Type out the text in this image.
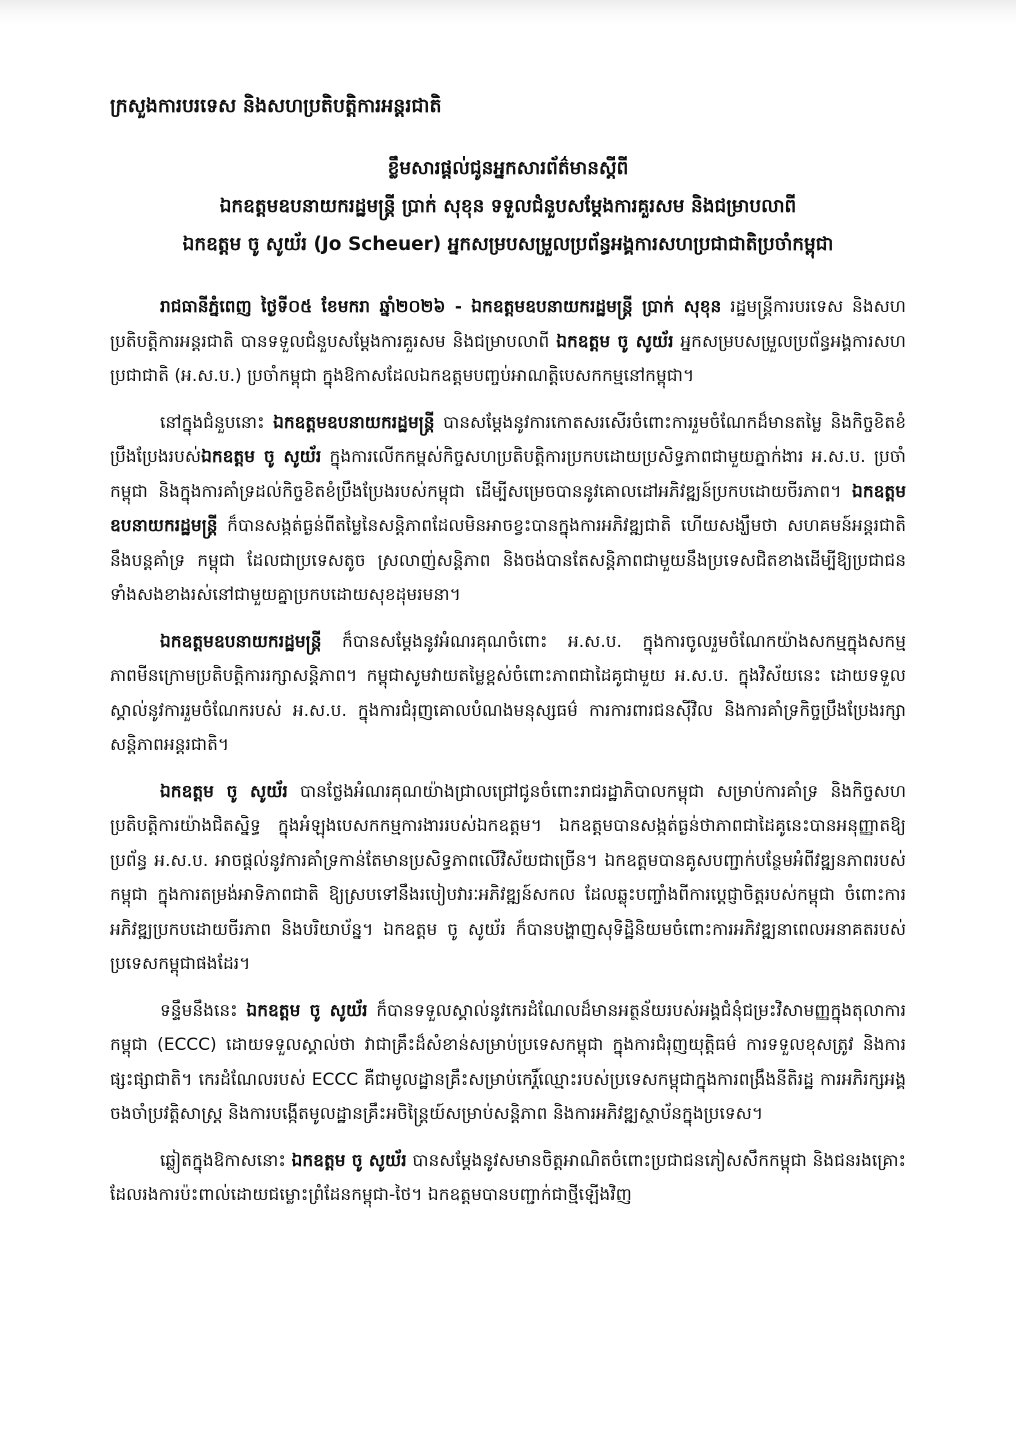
ក្រសួងការបរទេស និងសហប្រតិបត្តិការអន្តរជាតិ
ខ្លឹមសារផ្តល់ជូនអ្នកសារព័ត៌មានស្តីពី
ឯកឧត្តមឧបនាយករដ្ឋមន្ត្រី ប្រាក់ សុខុន ទទួលជំនួបសម្តែងការគួរសម និងជម្រាបលាពី
ឯកឧត្តម ចូ សូយ័រ (Jo Scheuer) អ្នកសម្របសម្រួលប្រព័ន្ធអង្គការសហប្រជាជាតិប្រចាំកម្ពុជា

រាជធានីភ្នំពេញ ថ្ងៃទី០៥ ខែមករា ឆ្នាំ២០២៦ - ឯកឧត្តមឧបនាយករដ្ឋមន្ត្រី ប្រាក់ សុខុន រដ្ឋមន្ត្រីការបរទេស និងសហប្រតិបត្តិការអន្តរជាតិ បានទទួលជំនួបសម្តែងការគួរសម និងជម្រាបលាពី ឯកឧត្តម ចូ សូយ័រ អ្នកសម្របសម្រួលប្រព័ន្ធអង្គការសហប្រជាជាតិ (អ.ស.ប.) ប្រចាំកម្ពុជា ក្នុងឱកាសដែលឯកឧត្តមបញ្ចប់អាណត្តិបេសកកម្មនៅកម្ពុជា។

នៅក្នុងជំនួបនោះ ឯកឧត្តមឧបនាយករដ្ឋមន្ត្រី បានសម្តែងនូវការកោតសរសើរចំពោះការរួមចំណែកដ៏មានតម្លៃ និងកិច្ចខិតខំប្រឹងប្រែងរបស់ឯកឧត្តម ចូ សូយ័រ ក្នុងការលើកកម្ពស់កិច្ចសហប្រតិបត្តិការប្រកបដោយប្រសិទ្ធភាពជាមួយភ្នាក់ងារ អ.ស.ប. ប្រចាំកម្ពុជា និងក្នុងការគាំទ្រដល់កិច្ចខិតខំប្រឹងប្រែងរបស់កម្ពុជា ដើម្បីសម្រេចបាននូវគោលដៅអភិវឌ្ឍន៍ប្រកបដោយចីរភាព។ ឯកឧត្តមឧបនាយករដ្ឋមន្ត្រី ក៏បានសង្កត់ធ្ងន់ពីតម្លៃនៃសន្តិភាពដែលមិនអាចខ្វះបានក្នុងការអភិវឌ្ឍជាតិ ហើយសង្ឃឹមថា សហគមន៍អន្តរជាតិនឹងបន្តគាំទ្រ កម្ពុជា ដែលជាប្រទេសតូច ស្រលាញ់សន្តិភាព និងចង់បានតែសន្តិភាពជាមួយនឹងប្រទេសជិតខាងដើម្បីឱ្យប្រជាជនទាំងសងខាងរស់នៅជាមួយគ្នាប្រកបដោយសុខដុមរមនា។

ឯកឧត្តមឧបនាយករដ្ឋមន្ត្រី ក៏បានសម្តែងនូវអំណរគុណចំពោះ អ.ស.ប. ក្នុងការចូលរួមចំណែកយ៉ាងសកម្មក្នុងសកម្មភាពមីនក្រោមប្រតិបត្តិការរក្សាសន្តិភាព។ កម្ពុជាសូមវាយតម្លៃខ្ពស់ចំពោះភាពជាដៃគូជាមួយ អ.ស.ប. ក្នុងវិស័យនេះ ដោយទទួលស្គាល់នូវការរួមចំណែករបស់ អ.ស.ប. ក្នុងការជំរុញគោលបំណងមនុស្សធម៌ ការការពារជនស៊ីវិល និងការគាំទ្រកិច្ចប្រឹងប្រែងរក្សាសន្តិភាពអន្តរជាតិ។

ឯកឧត្តម ចូ សូយ័រ បានថ្លែងអំណរគុណយ៉ាងជ្រាលជ្រៅជូនចំពោះរាជរដ្ឋាភិបាលកម្ពុជា សម្រាប់ការគាំទ្រ និងកិច្ចសហប្រតិបត្តិការយ៉ាងជិតស្និទ្ធ ក្នុងអំឡុងបេសកកម្មការងាររបស់ឯកឧត្តម។ ឯកឧត្តមបានសង្កត់ធ្ងន់ថាភាពជាដៃគូនេះបានអនុញ្ញាតឱ្យប្រព័ន្ធ អ.ស.ប. អាចផ្តល់នូវការគាំទ្រកាន់តែមានប្រសិទ្ធភាពលើវិស័យជាច្រើន។ ឯកឧត្តមបានគូសបញ្ជាក់បន្ថែមអំពីវឌ្ឍនភាពរបស់កម្ពុជា ក្នុងការតម្រង់អាទិភាពជាតិ ឱ្យស្របទៅនឹងរបៀបវារៈអភិវឌ្ឍន៍សកល ដែលឆ្លុះបញ្ចាំងពីការប្តេជ្ញាចិត្តរបស់កម្ពុជា ចំពោះការអភិវឌ្ឍប្រកបដោយចីរភាព និងបរិយាប័ន្ន។ ឯកឧត្តម ចូ សូយ័រ ក៏បានបង្ហាញសុទិដ្ឋិនិយមចំពោះការអភិវឌ្ឍនាពេលអនាគតរបស់ប្រទេសកម្ពុជាផងដែរ។

ទន្ទឹមនឹងនេះ ឯកឧត្តម ចូ សូយ័រ ក៏បានទទួលស្គាល់នូវកេរដំណែលដ៏មានអត្ថន័យរបស់អង្គជំនុំជម្រះវិសាមញ្ញក្នុងតុលាការកម្ពុជា (ECCC) ដោយទទួលស្គាល់ថា វាជាគ្រឹះដ៏សំខាន់សម្រាប់ប្រទេសកម្ពុជា ក្នុងការជំរុញយុត្តិធម៌ ការទទួលខុសត្រូវ និងការផ្សះផ្សាជាតិ។ កេរដំណែលរបស់ ECCC គឺជាមូលដ្ឋានគ្រឹះសម្រាប់កេរ្តិ៍ឈ្មោះរបស់ប្រទេសកម្ពុជាក្នុងការពង្រឹងនីតិរដ្ឋ ការអភិរក្សអង្គចងចាំប្រវត្តិសាស្ត្រ និងការបង្កើតមូលដ្ឋានគ្រឹះអចិន្ត្រៃយ៍សម្រាប់សន្តិភាព និងការអភិវឌ្ឍស្ថាប័នក្នុងប្រទេស។

ឆ្លៀតក្នុងឱកាសនោះ ឯកឧត្តម ចូ សូយ័រ បានសម្តែងនូវសមានចិត្តអាណិតចំពោះប្រជាជនភៀសសឹកកម្ពុជា និងជនរងគ្រោះ ដែលរងការប៉ះពាល់ដោយជម្លោះព្រំដែនកម្ពុជា-ថៃ។ ឯកឧត្តមបានបញ្ជាក់ជាថ្មីឡើងវិញ
